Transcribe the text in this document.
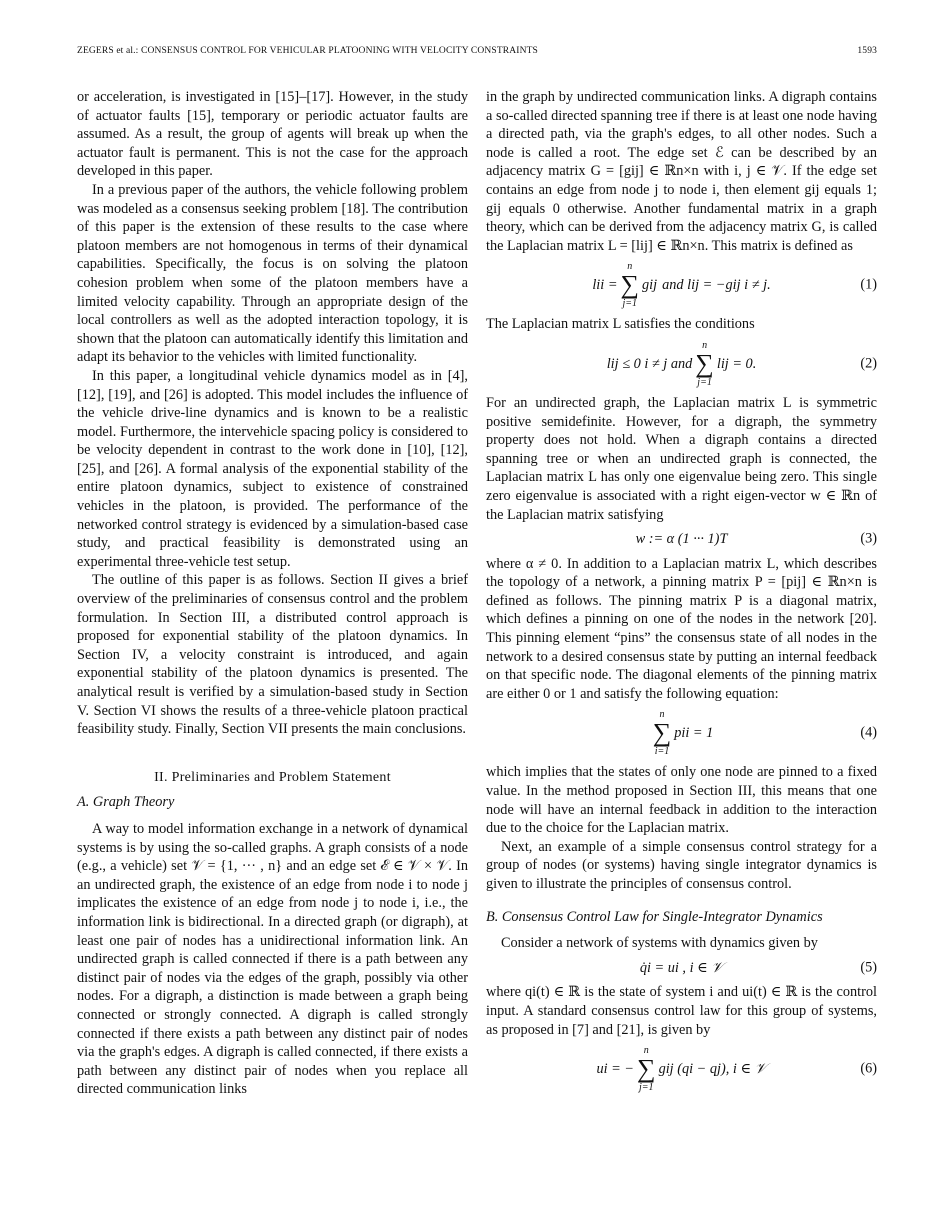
ZEGERS et al.: CONSENSUS CONTROL FOR VEHICULAR PLATOONING WITH VELOCITY CONSTRAINTS	1593

or acceleration, is investigated in [15]–[17]. However, in the study of actuator faults [15], temporary or periodic actuator faults are assumed. As a result, the group of agents will break up when the actuator fault is permanent. This is not the case for the approach developed in this paper.

In a previous paper of the authors, the vehicle following problem was modeled as a consensus seeking problem [18]. The contribution of this paper is the extension of these results to the case where platoon members are not homogenous in terms of their dynamical capabilities. Specifically, the focus is on solving the platoon cohesion problem when some of the platoon members have a limited velocity capability. Through an appropriate design of the local controllers as well as the adopted interaction topology, it is shown that the platoon can automatically identify this limitation and adapt its behavior to the vehicles with limited functionality.

In this paper, a longitudinal vehicle dynamics model as in [4], [12], [19], and [26] is adopted. This model includes the influence of the vehicle drive-line dynamics and is known to be a realistic model. Furthermore, the intervehicle spacing policy is considered to be velocity dependent in contrast to the work done in [10], [12], [25], and [26]. A formal analysis of the exponential stability of the entire platoon dynamics, subject to existence of constrained vehicles in the platoon, is provided. The performance of the networked control strategy is evidenced by a simulation-based case study, and practical feasibility is demonstrated using an experimental three-vehicle test setup.

The outline of this paper is as follows. Section II gives a brief overview of the preliminaries of consensus control and the problem formulation. In Section III, a distributed control approach is proposed for exponential stability of the platoon dynamics. In Section IV, a velocity constraint is introduced, and again exponential stability of the platoon dynamics is presented. The analytical result is verified by a simulation-based study in Section V. Section VI shows the results of a three-vehicle platoon practical feasibility study. Finally, Section VII presents the main conclusions.

II. Preliminaries and Problem Statement
A. Graph Theory

A way to model information exchange in a network of dynamical systems is by using the so-called graphs. A graph consists of a node (e.g., a vehicle) set 𝒱 = {1, ··· , n} and an edge set ℰ ∈ 𝒱 × 𝒱. In an undirected graph, the existence of an edge from node i to node j implicates the existence of an edge from node j to node i, i.e., the information link is bidirectional. In a directed graph (or digraph), at least one pair of nodes has a unidirectional information link. An undirected graph is called connected if there is a path between any distinct pair of nodes via the edges of the graph, possibly via other nodes. For a digraph, a distinction is made between a graph being connected or strongly connected. A digraph is called strongly connected if there exists a path between any distinct pair of nodes via the graph's edges. A digraph is called connected, if there exists a path between any distinct pair of nodes when you replace all directed communication links

in the graph by undirected communication links. A digraph contains a so-called directed spanning tree if there is at least one node having a directed path, via the graph's edges, to all other nodes. Such a node is called a root. The edge set ℰ can be described by an adjacency matrix G = [gij] ∈ ℝn×n with i, j ∈ 𝒱. If the edge set contains an edge from node j to node i, then element gij equals 1; gij equals 0 otherwise. Another fundamental matrix in a graph theory, which can be derived from the adjacency matrix G, is called the Laplacian matrix L = [lij] ∈ ℝn×n. This matrix is defined as

lii =
n
∑
j=1
gij and lij = −gij i ≠ j.	(1)

The Laplacian matrix L satisfies the conditions

lij ≤ 0 i ≠ j and
n
∑
j=1
lij = 0.	(2)

For an undirected graph, the Laplacian matrix L is symmetric positive semidefinite. However, for a digraph, the symmetry property does not hold. When a digraph contains a directed spanning tree or when an undirected graph is connected, the Laplacian matrix L has only one eigenvalue being zero. This single zero eigenvalue is associated with a right eigen-vector w ∈ ℝn of the Laplacian matrix satisfying

w := α (1 ··· 1)T	(3)

where α ≠ 0. In addition to a Laplacian matrix L, which describes the topology of a network, a pinning matrix P = [pij] ∈ ℝn×n is defined as follows. The pinning matrix P is a diagonal matrix, which defines a pinning on one of the nodes in the network [20]. This pinning element “pins” the consensus state of all nodes in the network to a desired consensus state by putting an internal feedback on that specific node. The diagonal elements of the pinning matrix are either 0 or 1 and satisfy the following equation:

n
∑
i=1
pii = 1	(4)

which implies that the states of only one node are pinned to a fixed value. In the method proposed in Section III, this means that one node will have an internal feedback in addition to the interaction due to the choice for the Laplacian matrix.

Next, an example of a simple consensus control strategy for a group of nodes (or systems) having single integrator dynamics is given to illustrate the principles of consensus control.

B. Consensus Control Law for Single-Integrator Dynamics

Consider a network of systems with dynamics given by

q̇i = ui , i ∈ 𝒱	(5)

where qi(t) ∈ ℝ is the state of system i and ui(t) ∈ ℝ is the control input. A standard consensus control law for this group of systems, as proposed in [7] and [21], is given by

ui = −
n
∑
j=1
gij (qi − qj), i ∈ 𝒱	(6)
